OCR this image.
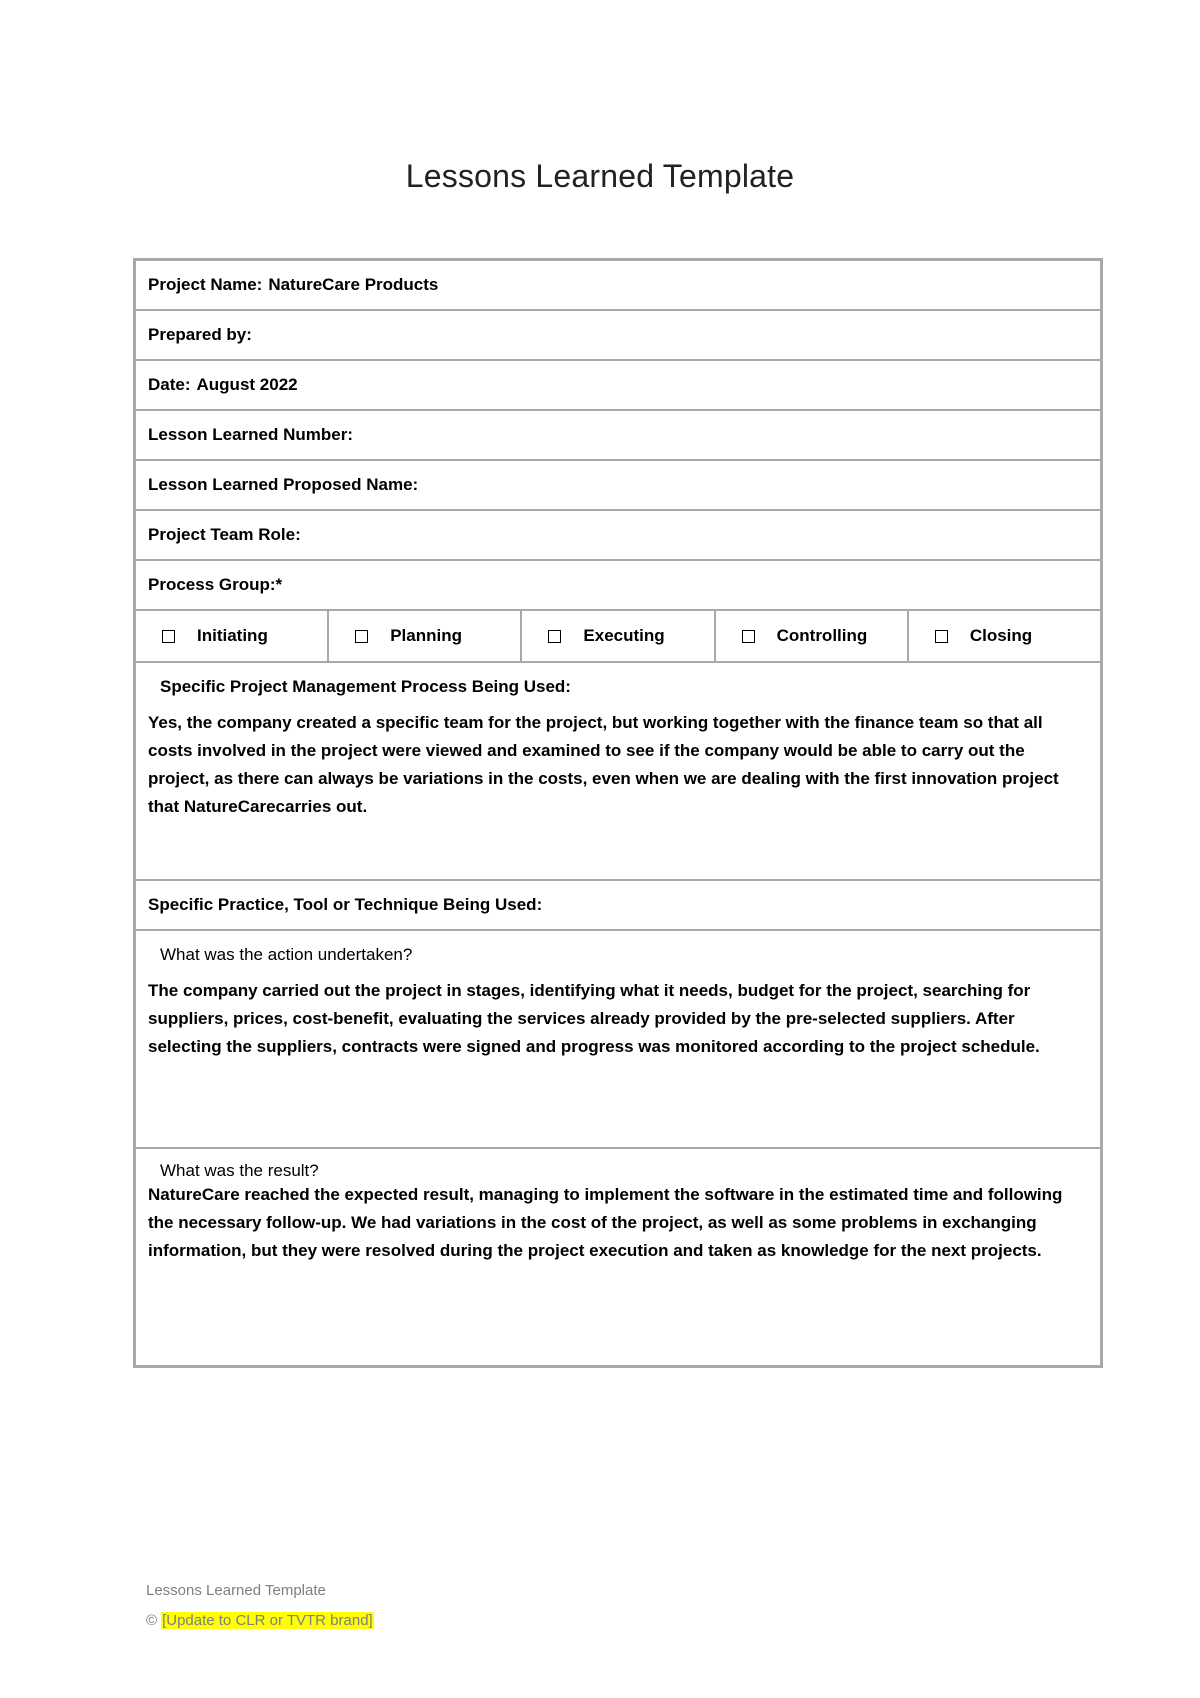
Lessons Learned Template
Project Name: NatureCare Products
Prepared by:
Date: August 2022
Lesson Learned Number:
Lesson Learned Proposed Name:
Project Team Role:
Process Group:*
Initiating	Planning	Executing	Controlling	Closing
Specific Project Management Process Being Used:
Yes, the company created a specific team for the project, but working together with the finance team so that all costs involved in the project were viewed and examined to see if the company would be able to carry out the project, as there can always be variations in the costs, even when we are dealing with the first innovation project that NatureCarecarries out.
Specific Practice, Tool or Technique Being Used:
What was the action undertaken?
The company carried out the project in stages, identifying what it needs, budget for the project, searching for suppliers, prices, cost-benefit, evaluating the services already provided by the pre-selected suppliers. After selecting the suppliers, contracts were signed and progress was monitored according to the project schedule.
What was the result?
NatureCare reached the expected result, managing to implement the software in the estimated time and following the necessary follow-up. We had variations in the cost of the project, as well as some problems in exchanging information, but they were resolved during the project execution and taken as knowledge for the next projects.
Lessons Learned Template
© [Update to CLR or TVTR brand]
